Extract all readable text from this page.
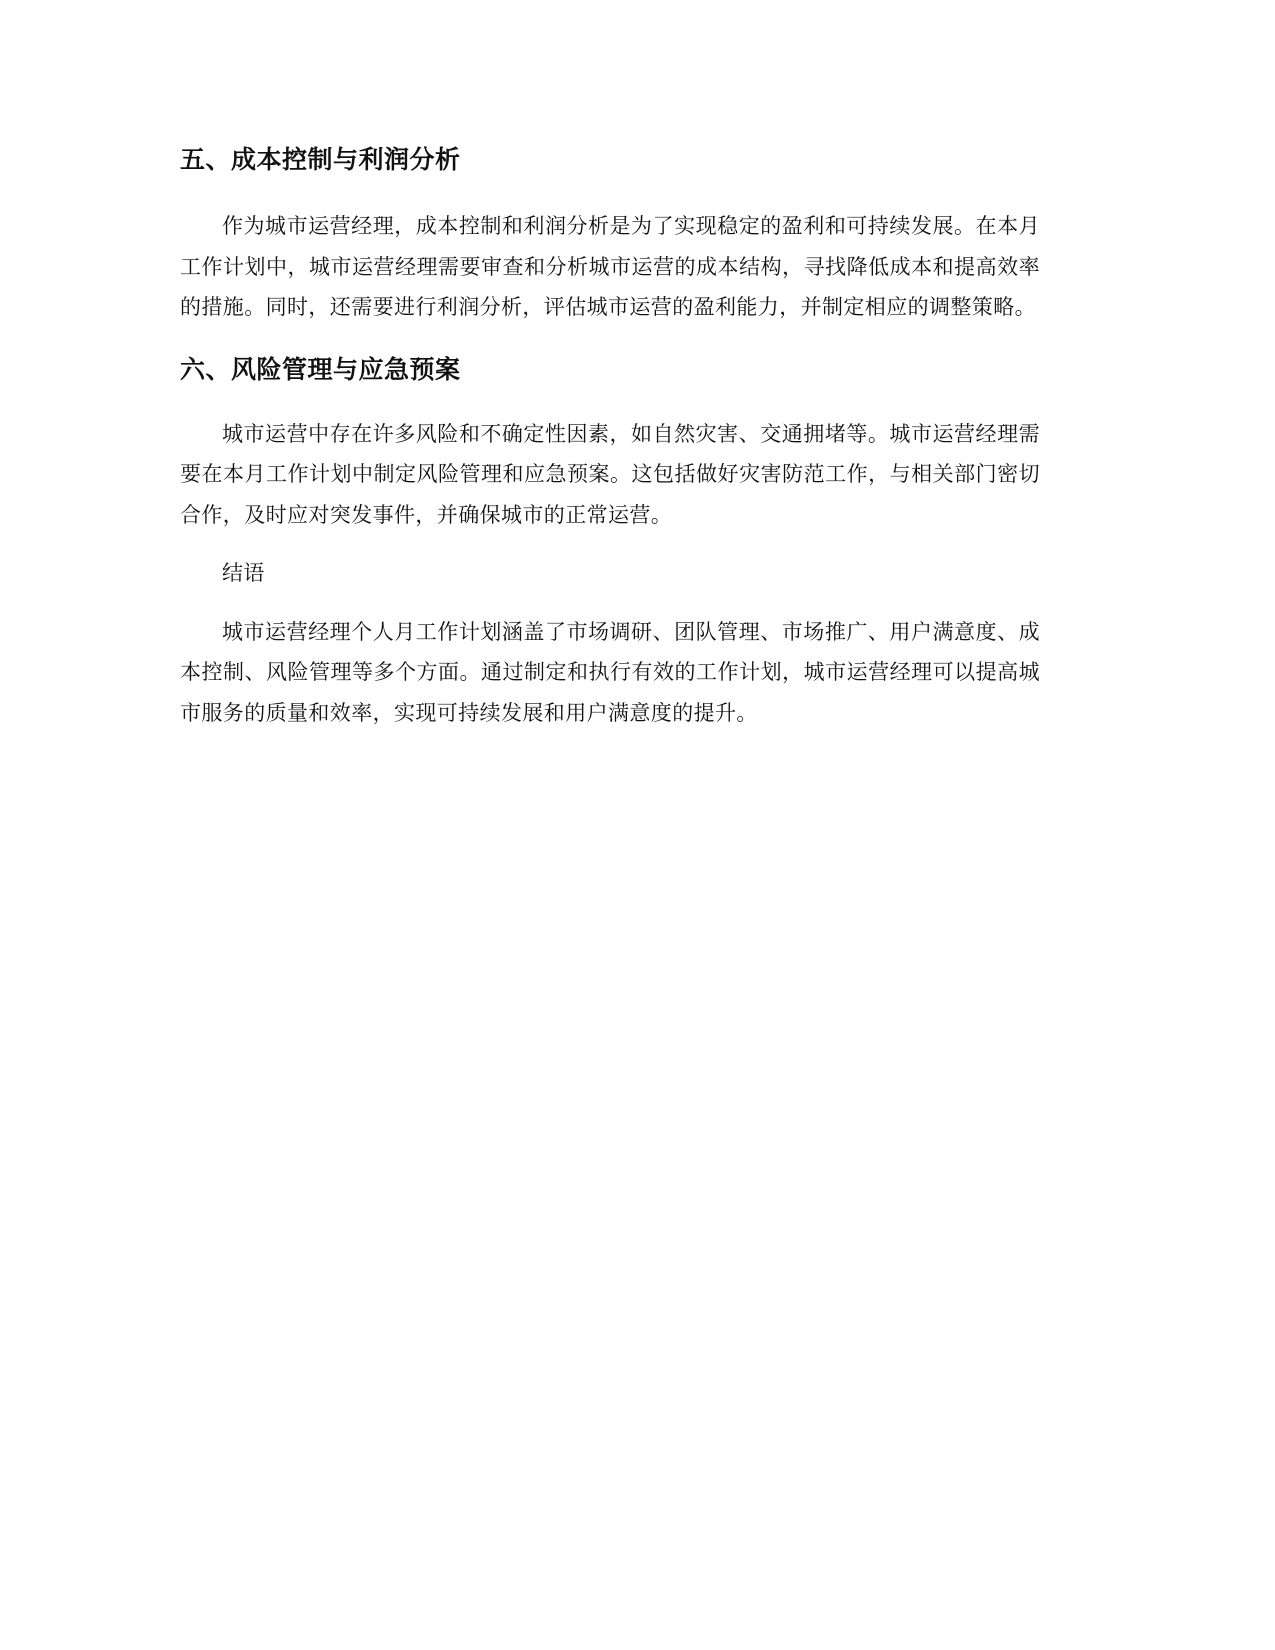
五、成本控制与利润分析

作为城市运营经理，成本控制和利润分析是为了实现稳定的盈利和可持续发展。在本月工作计划中，城市运营经理需要审查和分析城市运营的成本结构，寻找降低成本和提高效率的措施。同时，还需要进行利润分析，评估城市运营的盈利能力，并制定相应的调整策略。

六、风险管理与应急预案

城市运营中存在许多风险和不确定性因素，如自然灾害、交通拥堵等。城市运营经理需要在本月工作计划中制定风险管理和应急预案。这包括做好灾害防范工作，与相关部门密切合作，及时应对突发事件，并确保城市的正常运营。

结语

城市运营经理个人月工作计划涵盖了市场调研、团队管理、市场推广、用户满意度、成本控制、风险管理等多个方面。通过制定和执行有效的工作计划，城市运营经理可以提高城市服务的质量和效率，实现可持续发展和用户满意度的提升。
